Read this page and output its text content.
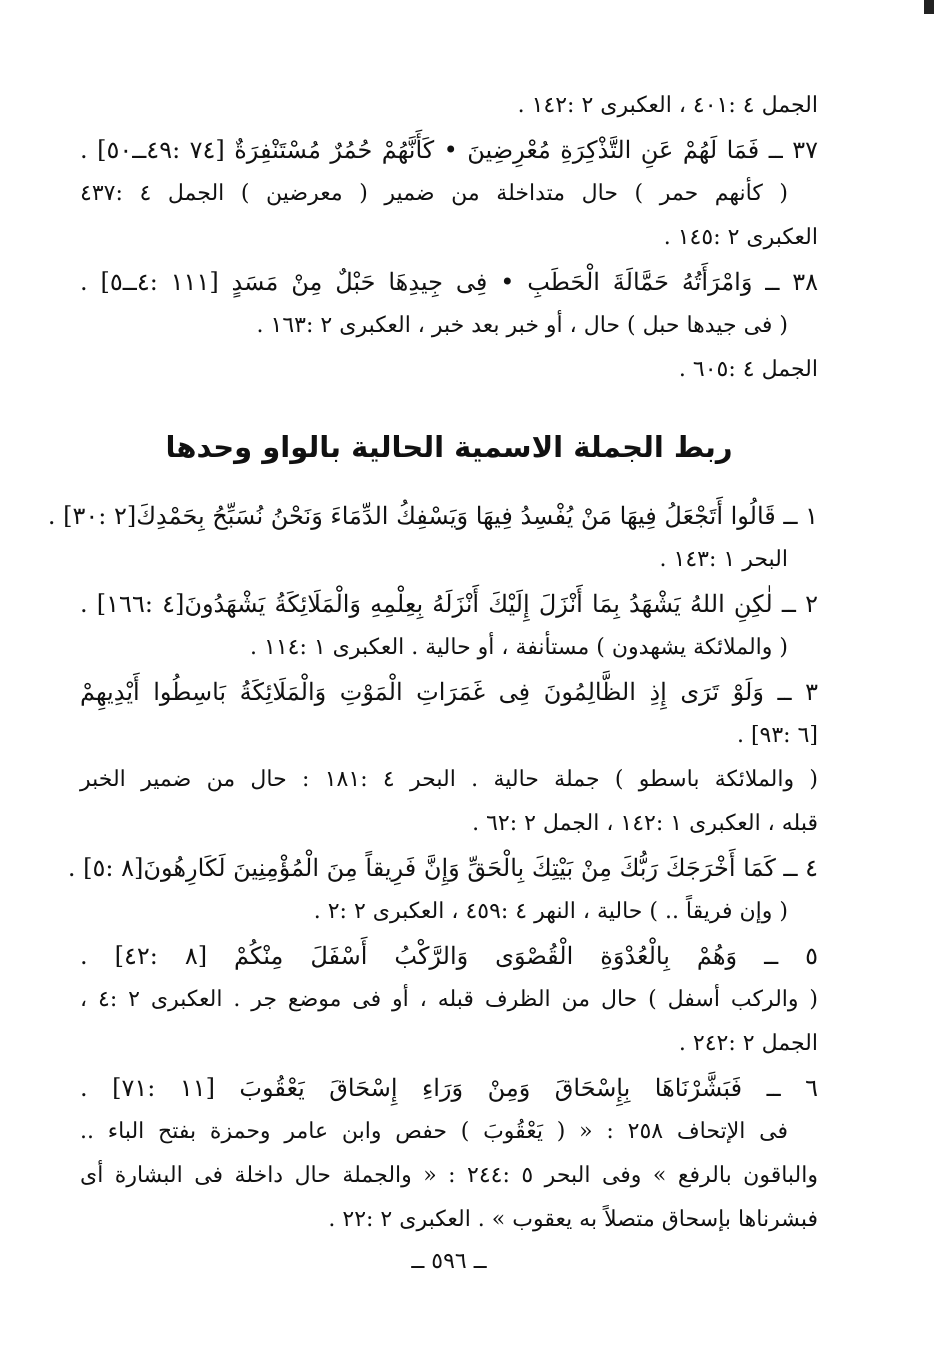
الجمل ٤ :٤٠١ ، العكبرى ٢ :١٤٢ .
٣٧ ــ فَمَا لَهُمْ عَنِ التَّذْكِرَةِ مُعْرِضِينَ • كَأَنَّهُمْ حُمُرٌ مُسْتَنْفِرَةٌ [٧٤ :٤٩ــ٥٠] .
( كأنهم حمر ) حال متداخلة من ضمير ( معرضين ) الجمل ٤ :٤٣٧
العكبرى ٢ :١٤٥ .
٣٨ ــ وَامْرَأَتُهُ حَمَّالَةَ الْحَطَبِ • فِى جِيدِهَا حَبْلٌ مِنْ مَسَدٍ [١١١ :٤ــ٥] .
( فى جيدها حبل ) حال ، أو خبر بعد خبر ، العكبرى ٢ :١٦٣ .
الجمل ٤ :٦٠٥ .
ربط الجملة الاسمية الحالية بالواو وحدها
١ ــ قَالُوا أَتَجْعَلُ فِيهَا مَنْ يُفْسِدُ فِيهَا وَيَسْفِكُ الدِّمَاءَ وَنَحْنُ نُسَبِّحُ بِحَمْدِكَ[٢ :٣٠] .
البحر ١ :١٤٣ .
٢ ــ لٰكِنِ اللهُ يَشْهَدُ بِمَا أَنْزَلَ إِلَيْكَ أَنْزَلَهُ بِعِلْمِهِ وَالْمَلَائِكَةُ يَشْهَدُونَ[٤ :١٦٦] .
( والملائكة يشهدون ) مستأنفة ، أو حالية . العكبرى ١ :١١٤ .
٣ ــ وَلَوْ تَرَى إِذِ الظَّالِمُونَ فِى غَمَرَاتِ الْمَوْتِ وَالْمَلَائِكَةُ بَاسِطُوا أَيْدِيهِمْ
[٦ :٩٣] .
( والملائكة باسطو ) جملة حالية . البحر ٤ :١٨١ : حال من ضمير الخبر
قبله ، العكبرى ١ :١٤٢ ، الجمل ٢ :٦٢ .
٤ ــ كَمَا أَخْرَجَكَ رَبُّكَ مِنْ بَيْتِكَ بِالْحَقِّ وَإِنَّ فَرِيقاً مِنَ الْمُؤْمِنِينَ لَكَارِهُونَ[٨ :٥] .
( وإن فريقاً .. ) حالية ، النهر ٤ :٤٥٩ ، العكبرى ٢ :٢ .
٥ ــ وَهُمْ بِالْعُدْوَةِ الْقُصْوَى وَالرَّكْبُ أَسْفَلَ مِنْكُمْ [٨ :٤٢] .
( والركب أسفل ) حال من الظرف قبله ، أو فى موضع جر . العكبرى ٢ :٤ ،
الجمل ٢ :٢٤٢ .
٦ ــ فَبَشَّرْنَاهَا بِإِسْحَاقَ وَمِنْ وَرَاءِ إِسْحَاقَ يَعْقُوبَ [١١ :٧١] .
فى الإتحاف ٢٥٨ : « ( يَعْقُوبَ ) حفص وابن عامر وحمزة بفتح الباء ..
والباقون بالرفع » وفى البحر ٥ :٢٤٤ : « والجملة حال داخلة فى البشارة أى
فبشرناها بإسحاق متصلاً به يعقوب » . العكبرى ٢ :٢٢ .
ــ ٥٩٦ ــ
